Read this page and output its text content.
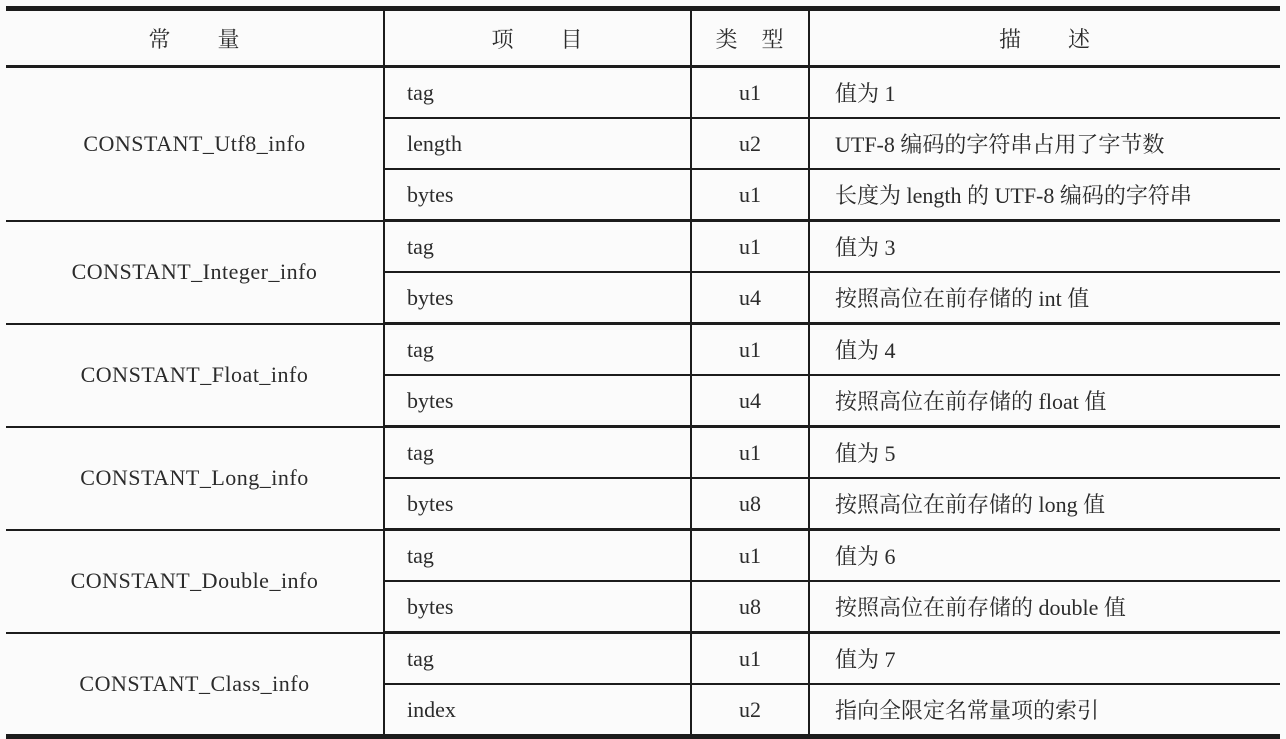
常　　量	项　　目	类　型	描　　述
CONSTANT_Utf8_info	tag	u1	值为 1
	length	u2	UTF-8 编码的字符串占用了字节数
	bytes	u1	长度为 length 的 UTF-8 编码的字符串
CONSTANT_Integer_info	tag	u1	值为 3
	bytes	u4	按照高位在前存储的 int 值
CONSTANT_Float_info	tag	u1	值为 4
	bytes	u4	按照高位在前存储的 float 值
CONSTANT_Long_info	tag	u1	值为 5
	bytes	u8	按照高位在前存储的 long 值
CONSTANT_Double_info	tag	u1	值为 6
	bytes	u8	按照高位在前存储的 double 值
CONSTANT_Class_info	tag	u1	值为 7
	index	u2	指向全限定名常量项的索引
